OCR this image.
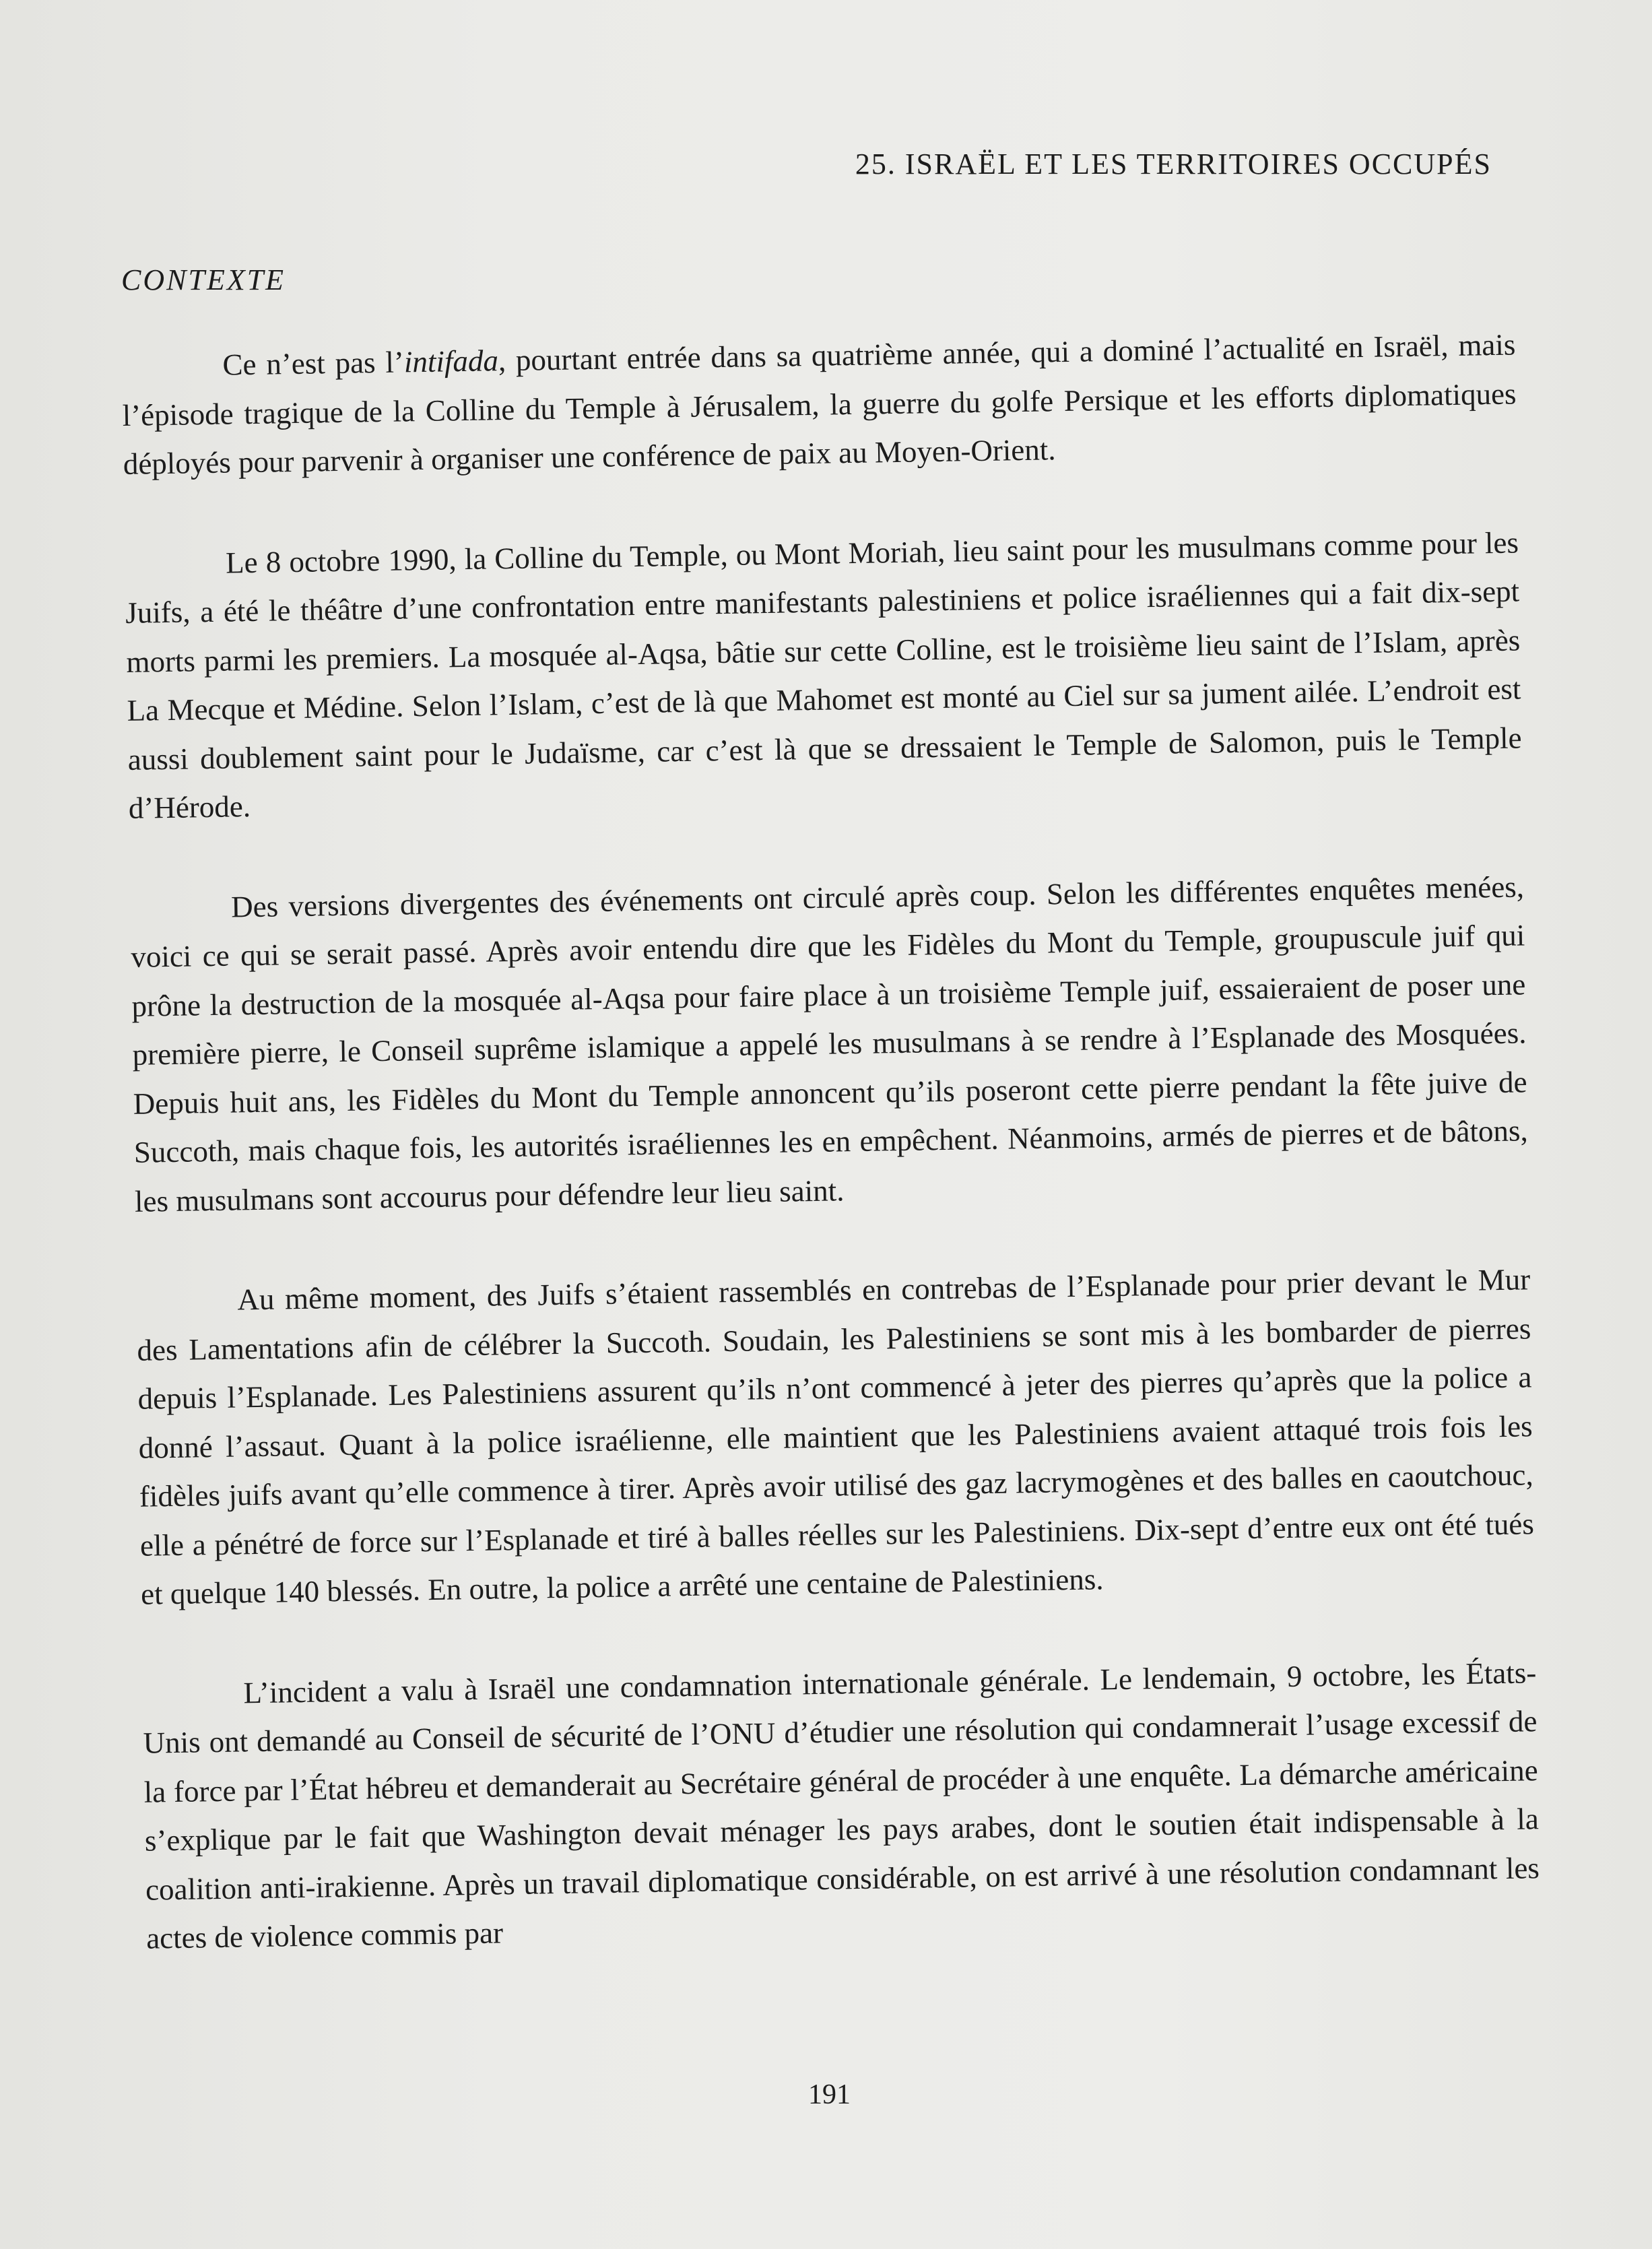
25. ISRAËL ET LES TERRITOIRES OCCUPÉS
CONTEXTE

Ce n’est pas l’intifada, pourtant entrée dans sa quatrième année, qui a dominé l’actualité en Israël, mais l’épisode tragique de la Colline du Temple à Jérusalem, la guerre du golfe Persique et les efforts diplomatiques déployés pour parvenir à organiser une conférence de paix au Moyen-Orient.

Le 8 octobre 1990, la Colline du Temple, ou Mont Moriah, lieu saint pour les musulmans comme pour les Juifs, a été le théâtre d’une confrontation entre manifestants palestiniens et police israéliennes qui a fait dix-sept morts parmi les premiers. La mosquée al-Aqsa, bâtie sur cette Colline, est le troisième lieu saint de l’Islam, après La Mecque et Médine. Selon l’Islam, c’est de là que Mahomet est monté au Ciel sur sa jument ailée. L’endroit est aussi doublement saint pour le Judaïsme, car c’est là que se dressaient le Temple de Salomon, puis le Temple d’Hérode.

Des versions divergentes des événements ont circulé après coup. Selon les différentes enquêtes menées, voici ce qui se serait passé. Après avoir entendu dire que les Fidèles du Mont du Temple, groupuscule juif qui prône la destruction de la mosquée al-Aqsa pour faire place à un troisième Temple juif, essaieraient de poser une première pierre, le Conseil suprême islamique a appelé les musulmans à se rendre à l’Esplanade des Mosquées. Depuis huit ans, les Fidèles du Mont du Temple annoncent qu’ils poseront cette pierre pendant la fête juive de Succoth, mais chaque fois, les autorités israéliennes les en empêchent. Néanmoins, armés de pierres et de bâtons, les musulmans sont accourus pour défendre leur lieu saint.

Au même moment, des Juifs s’étaient rassemblés en contrebas de l’Esplanade pour prier devant le Mur des Lamentations afin de célébrer la Succoth. Soudain, les Palestiniens se sont mis à les bombarder de pierres depuis l’Esplanade. Les Palestiniens assurent qu’ils n’ont commencé à jeter des pierres qu’après que la police a donné l’assaut. Quant à la police israélienne, elle maintient que les Palestiniens avaient attaqué trois fois les fidèles juifs avant qu’elle commence à tirer. Après avoir utilisé des gaz lacrymogènes et des balles en caoutchouc, elle a pénétré de force sur l’Esplanade et tiré à balles réelles sur les Palestiniens. Dix-sept d’entre eux ont été tués et quelque 140 blessés. En outre, la police a arrêté une centaine de Palestiniens.

L’incident a valu à Israël une condamnation internationale générale. Le lendemain, 9 octobre, les États-Unis ont demandé au Conseil de sécurité de l’ONU d’étudier une résolution qui condamnerait l’usage excessif de la force par l’État hébreu et demanderait au Secrétaire général de procéder à une enquête. La démarche américaine s’explique par le fait que Washington devait ménager les pays arabes, dont le soutien était indispensable à la coalition anti-irakienne. Après un travail diplomatique considérable, on est arrivé à une résolution condamnant les actes de violence commis par

191
